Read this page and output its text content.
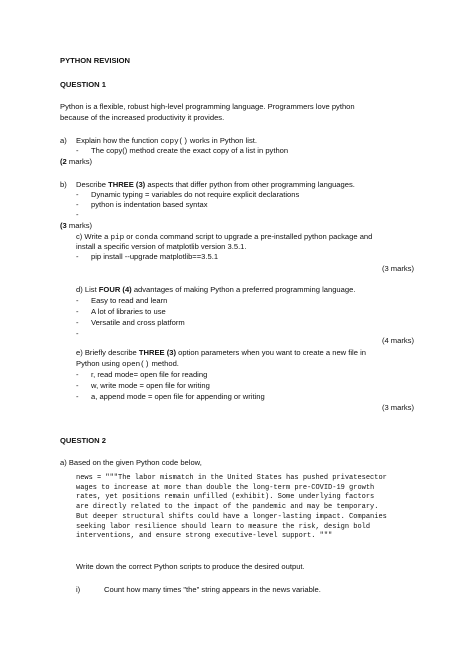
PYTHON REVISION
QUESTION 1
Python is a flexible, robust high-level programming language. Programmers love python
because of the increased productivity it provides.
a) Explain how the function copy() works in Python list.
- The copy() method create the exact copy of a list in python
(2 marks)
b) Describe THREE (3) aspects that differ python from other programming languages.
- Dynamic typing = variables do not require explicit declarations
- python is indentation based syntax
-
(3 marks)
c) Write a pip or conda command script to upgrade a pre-installed python package and
install a specific version of matplotlib version 3.5.1.
- pip install --upgrade matplotlib==3.5.1
(3 marks)
d) List FOUR (4) advantages of making Python a preferred programming language.
- Easy to read and learn
- A lot of libraries to use
- Versatile and cross platform
-
(4 marks)
e) Briefly describe THREE (3) option parameters when you want to create a new file in
Python using open() method.
- r, read mode= open file for reading
- w, write mode = open file for writing
- a, append mode = open file for appending or writing
(3 marks)
QUESTION 2
a) Based on the given Python code below,
news = """The labor mismatch in the United States has pushed privatesector
wages to increase at more than double the long-term pre-COVID-19 growth
rates, yet positions remain unfilled (exhibit). Some underlying factors
are directly related to the impact of the pandemic and may be temporary.
But deeper structural shifts could have a longer-lasting impact. Companies
seeking labor resilience should learn to measure the risk, design bold
interventions, and ensure strong executive-level support. """
Write down the correct Python scripts to produce the desired output.
i)	Count how many times "the" string appears in the news variable.
